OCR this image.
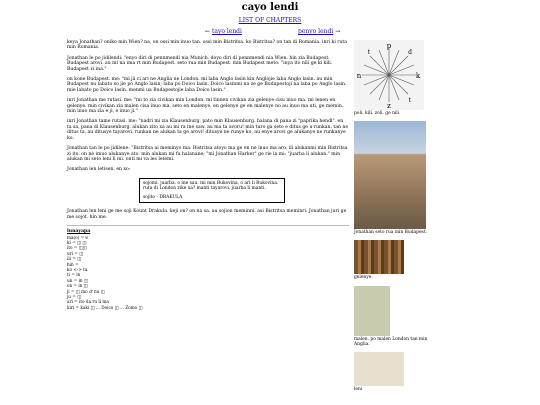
cayo lendi
LIST OF CHAPTERS
← tayo lendi	penyo lendi →

keya Jonathan? oniko min Wien? na, on ossi min inuo tan. ossi min Bistritsa. ko Bistritsa? on tan di Romania. inri ki ruta min Romania.

Jonathan le po jidilendi: "enyo diri di pennmendi nia Munich. doyo diri di pennmendi nia Wien. hin zia Budapest. Budapest arovi. au mi na ima rt min Budapest. seto rua min Budapest. min Budapest meto: "inya ito nili ge ki kili. Budapest zi ina."

on kone Budapest. me: "mi jä ci ari ne Anglia ne London. mi laba Anglo lasin kin Anglojie laba Anglo lasin. au min Budapest nu labato so jie po Anglo lasin; laba po Doico lasin. Doico lasinmi na ze ge Budapestoji na laba po Anglo lasin. mie labato po Doico lasin. menmi ua Budapestojie laba Doico lasin."

inri Jonathan me rutasi. me: "mi to zia civikan min London. mi tinnen civikan zia gelenye cisu inuo ma. mi lenen en gelenye. min civikan zia malen cisa inuo ma. seto en malenye. en gelenye ge en malenye no au inuo ma uti, ge memin. min inuo ma zia e ji, e inuo ji."

inri Jonathan tame rutasi. me: "nadri mi zia Klausenburg. pato min Klausenburg. halana di pana zi "paprika hendl". en ta sa, pana di Klausenburg. alukan zito xa au mi ra ine saw. au ma ta avoru! min turo ga seto e ditus ge u runkan. tan ne ditus ta, au ditusye tayarovi. runkan ne alukan ta ge arovi! ditusye ne runye ko, au enye arovi ge alukanye ne runkanye ko.

Jonathan tan le po jidilene: "Bistritsa ai meminyo ma. Bistritsa atoyo ma ge en ne inuo ma aro. ili alukanmi min Bistritsa zi ito. on ne imuo alukanye ato. min alukan mi fu halanane; "mi Jonathan Harker" ge rie la mi: "juarba li alukan." min alukan mi seto leni li mi. onti mi va les letemi.

Jonathan len letisen. en xo:

sojomi. juarba. o ine sau. mi min Bukovina, o ari li Bukovina. ruta di London zike xa? manti tayarovi. juarba li manti.
sojito - DRAKULA

Jonathan len leni ge me soji Kount Drakula. keji on? on na sa. au sojion meminni. asi Bistritsa meminri. Jonathan juri ge me sojot. hin me.

lunayapa
ma(o) = ᵾ
ki = ◫ ◫
ito = ◫◫
uri = ◫
ili = ◫
hin =
ko <-> ta
ti = in
un = in ◫
on = in ◫
ji = ◫ mo ♂ nu ◫
ju = ◫
ari = ito da ru li ma
kiri = kaki ◫ ... Doico ◫ ... Zomo ◫
p
k
n
t
z
d
t
poli. kili. zoli. ge nili
Jonathan seto rua min Budapest.
gelenye.
malen. po malen London tan min Anglia.
leni
